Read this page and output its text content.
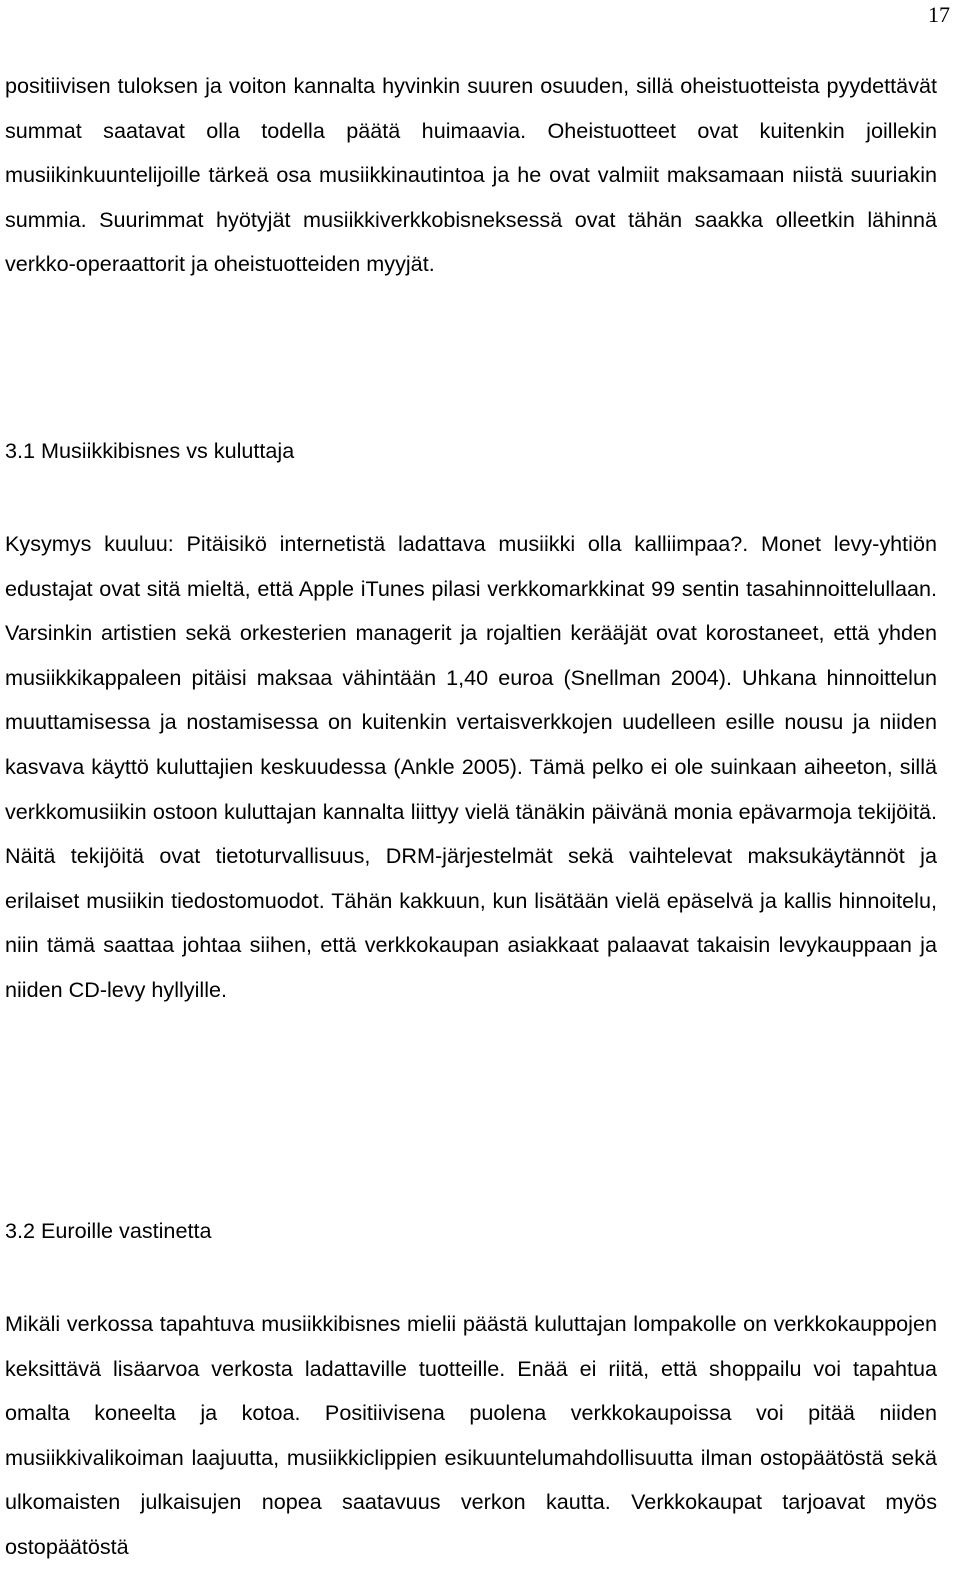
17

positiivisen tuloksen ja voiton kannalta hyvinkin suuren osuuden, sillä oheistuotteista pyydettävät summat saatavat olla todella päätä huimaavia. Oheistuotteet ovat kuitenkin joillekin musiikinkuuntelijoille tärkeä osa musiikkinautintoa ja he ovat valmiit maksamaan niistä suuriakin summia. Suurimmat hyötyjät musiikkiverkkobisneksessä ovat tähän saakka olleetkin lähinnä verkko-operaattorit ja oheistuotteiden myyjät.

3.1 Musiikkibisnes vs kuluttaja

Kysymys kuuluu: Pitäisikö internetistä ladattava musiikki olla kalliimpaa?. Monet levy-yhtiön edustajat ovat sitä mieltä, että Apple iTunes pilasi verkkomarkkinat 99 sentin tasahinnoittelullaan. Varsinkin artistien sekä orkesterien managerit ja rojaltien kerääjät ovat korostaneet, että yhden musiikkikappaleen pitäisi maksaa vähintään 1,40 euroa (Snellman 2004). Uhkana hinnoittelun muuttamisessa ja nostamisessa on kuitenkin vertaisverkkojen uudelleen esille nousu ja niiden kasvava käyttö kuluttajien keskuudessa (Ankle 2005). Tämä pelko ei ole suinkaan aiheeton, sillä verkkomusiikin ostoon kuluttajan kannalta liittyy vielä tänäkin päivänä monia epävarmoja tekijöitä. Näitä tekijöitä ovat tietoturvallisuus, DRM-järjestelmät sekä vaihtelevat maksukäytännöt ja erilaiset musiikin tiedostomuodot. Tähän kakkuun, kun lisätään vielä epäselvä ja kallis hinnoitelu, niin tämä saattaa johtaa siihen, että verkkokaupan asiakkaat palaavat takaisin levykauppaan ja niiden CD-levy hyllyille.

3.2 Euroille vastinetta

Mikäli verkossa tapahtuva musiikkibisnes mielii päästä kuluttajan lompakolle on verkkokauppojen keksittävä lisäarvoa verkosta ladattaville tuotteille. Enää ei riitä, että shoppailu voi tapahtua omalta koneelta ja kotoa. Positiivisena puolena verkkokaupoissa voi pitää niiden musiikkivalikoiman laajuutta, musiikkiclippien esikuuntelumahdollisuutta ilman ostopäätöstä sekä ulkomaisten julkaisujen nopea saatavuus verkon kautta. Verkkokaupat tarjoavat myös ostopäätöstä
